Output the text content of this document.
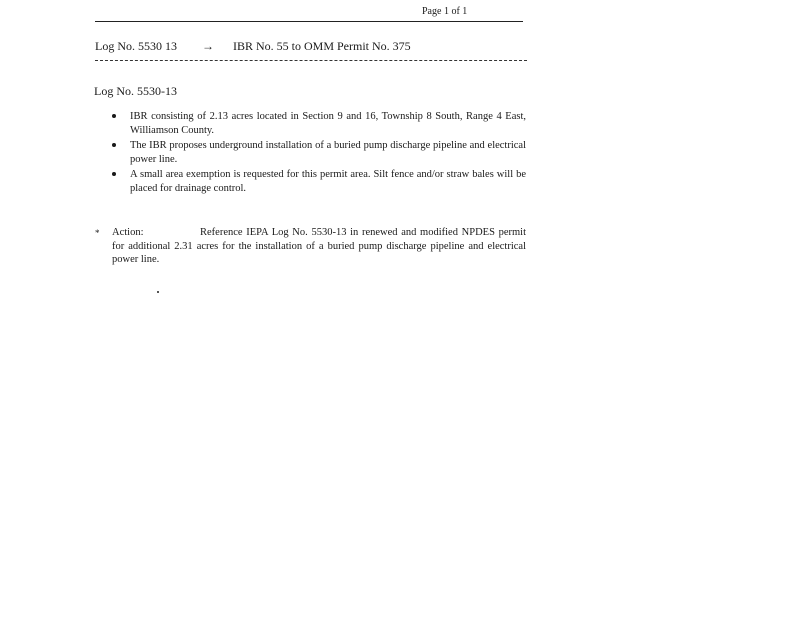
Page 1 of 1
Log No. 5530 13 → IBR No. 55 to OMM Permit No. 375
Log No. 5530-13
IBR consisting of 2.13 acres located in Section 9 and 16, Township 8 South, Range 4 East, Williamson County.
The IBR proposes underground installation of a buried pump discharge pipeline and electrical power line.
A small area exemption is requested for this permit area. Silt fence and/or straw bales will be placed for drainage control.
* Action:	Reference IEPA Log No. 5530-13 in renewed and modified NPDES permit for additional 2.31 acres for the installation of a buried pump discharge pipeline and electrical power line.
